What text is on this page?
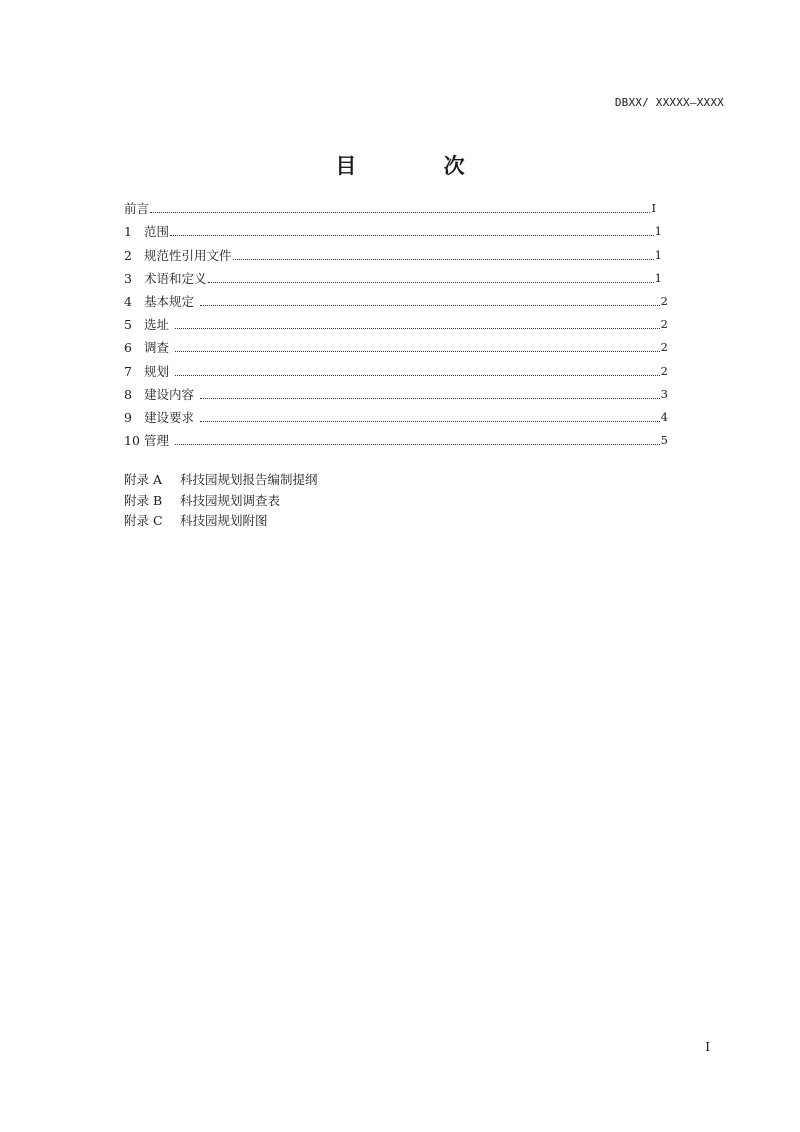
DBXX/ XXXXX—XXXX
目 次
前言	Ⅰ
1 范围	1
2 规范性引用文件	1
3 术语和定义	1
4 基本规定	2
5 选址	2
6 调查	2
7 规划	2
8 建设内容	3
9 建设要求	4
10 管理	5
附录 A 科技园规划报告编制提纲
附录 B 科技园规划调查表
附录 C 科技园规划附图
I
